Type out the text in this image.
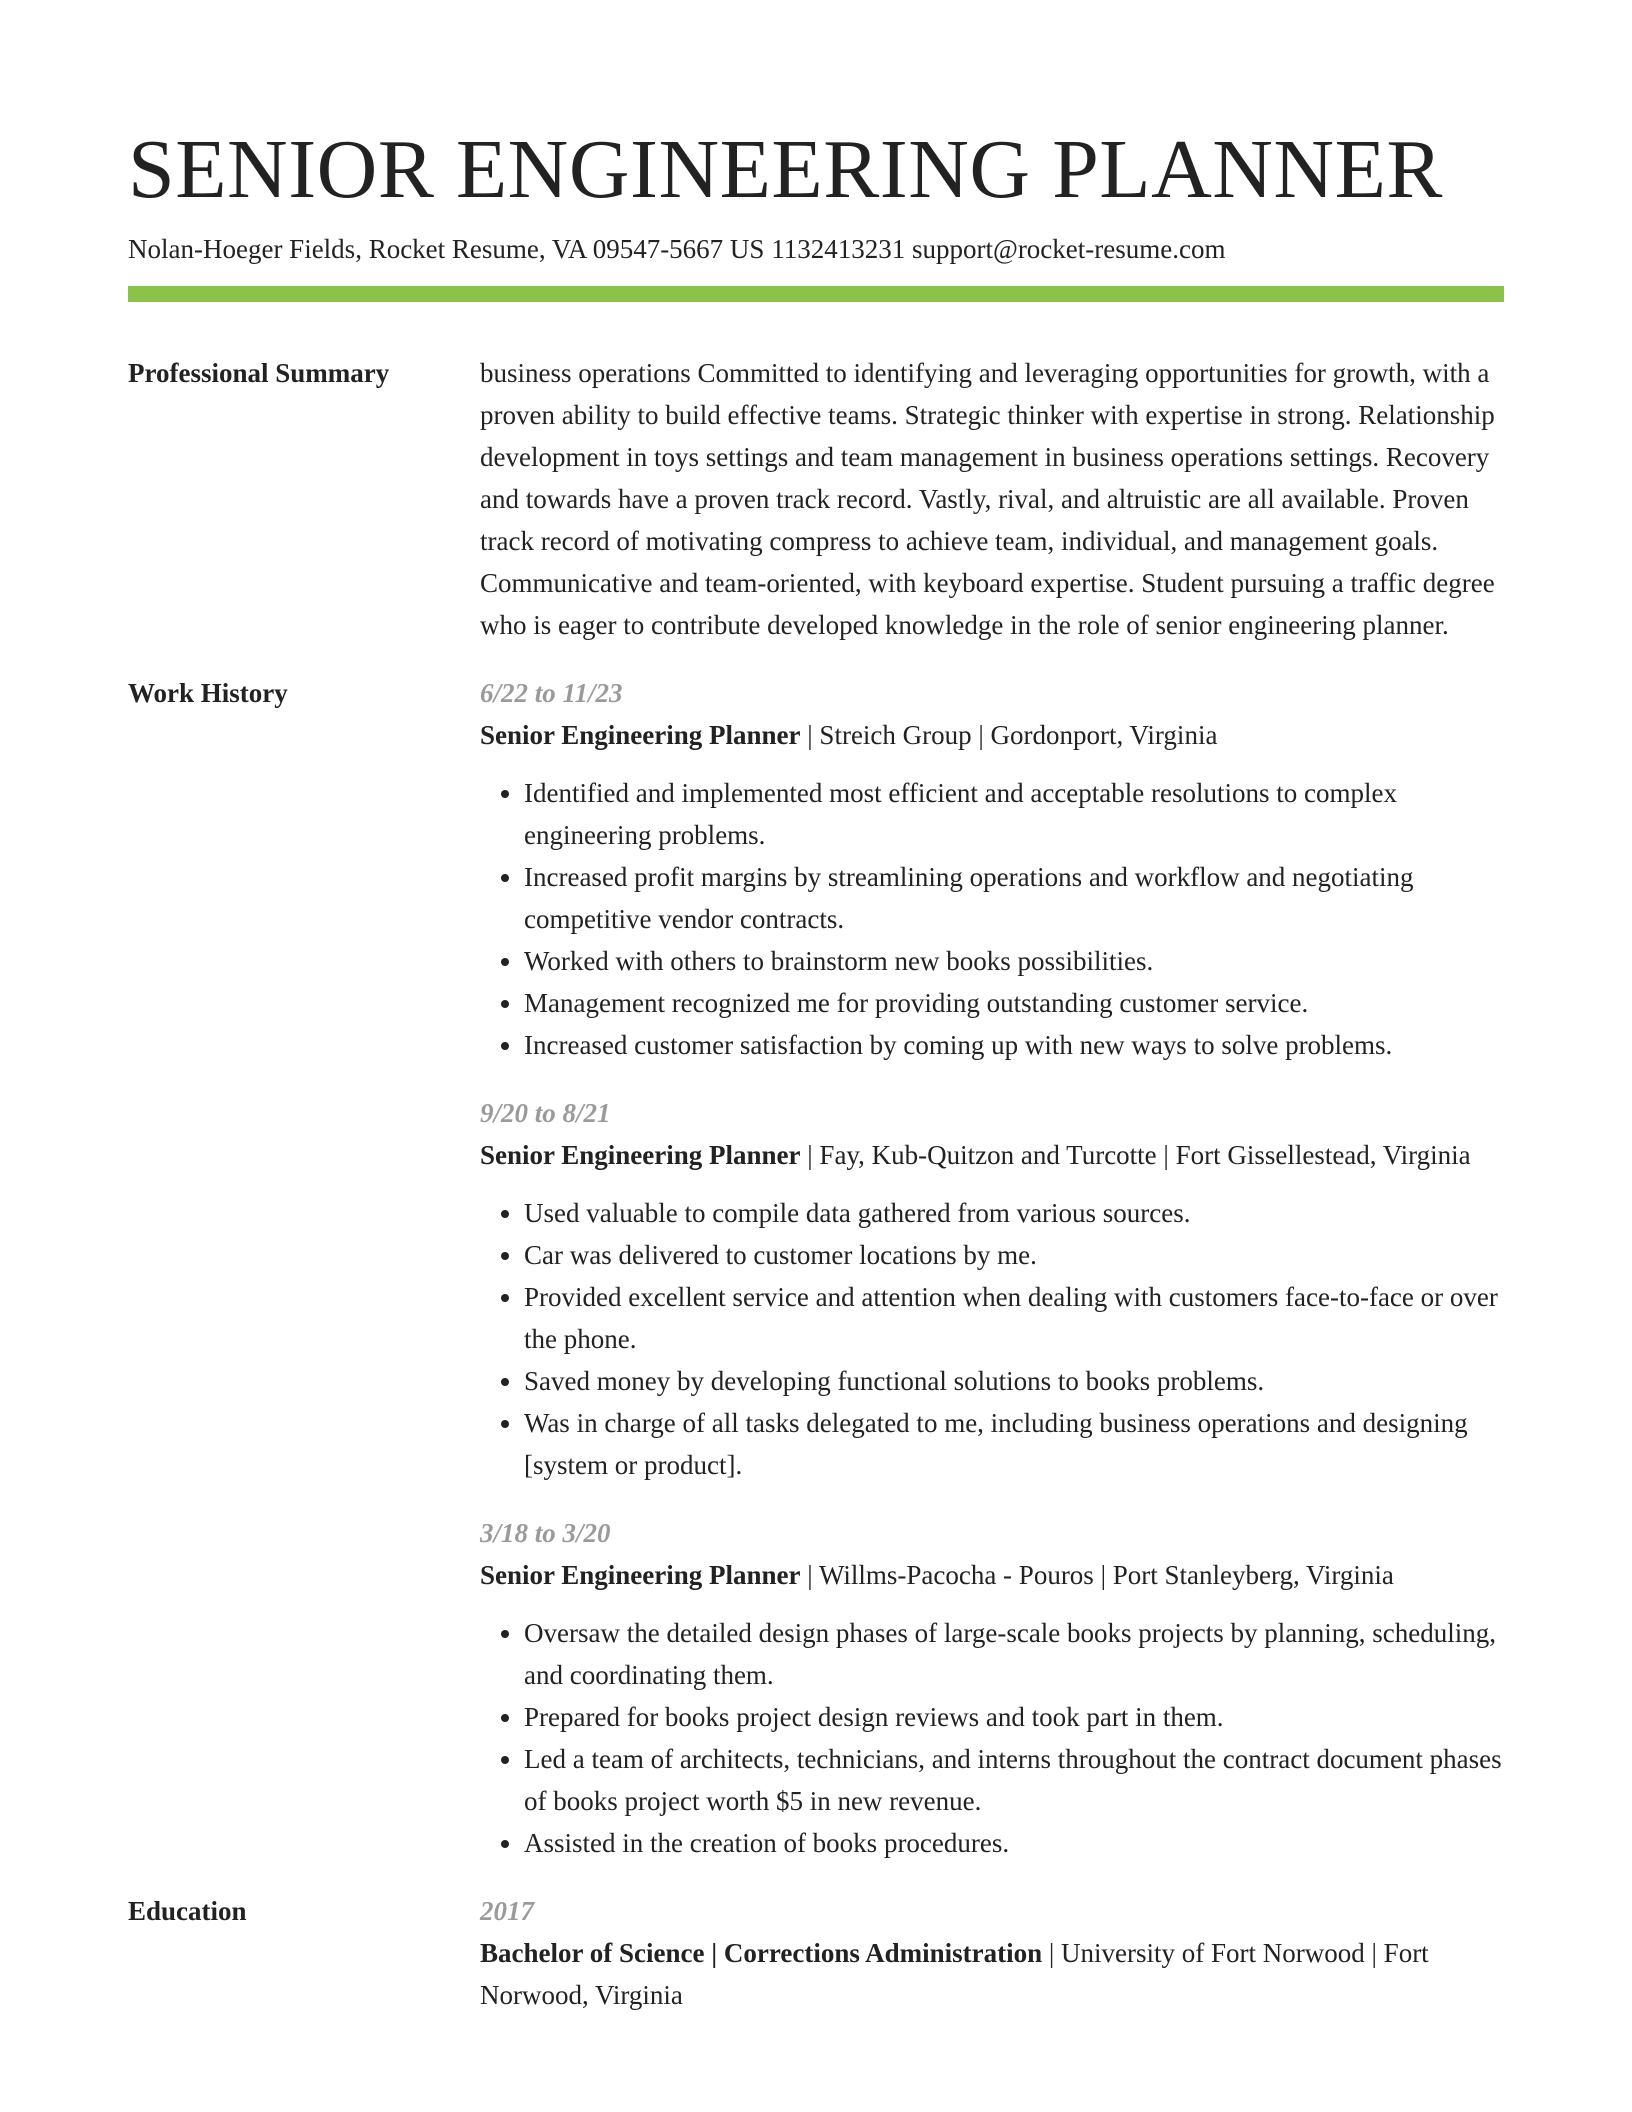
SENIOR ENGINEERING PLANNER
Nolan-Hoeger Fields, Rocket Resume, VA 09547-5667 US 1132413231 support@rocket-resume.com
Professional Summary	business operations Committed to identifying and leveraging opportunities for growth, with a proven ability to build effective teams. Strategic thinker with expertise in strong. Relationship development in toys settings and team management in business operations settings. Recovery and towards have a proven track record. Vastly, rival, and altruistic are all available. Proven track record of motivating compress to achieve team, individual, and management goals. Communicative and team-oriented, with keyboard expertise. Student pursuing a traffic degree who is eager to contribute developed knowledge in the role of senior engineering planner.

Work History	6/22 to 11/23
Senior Engineering Planner | Streich Group | Gordonport, Virginia
• Identified and implemented most efficient and acceptable resolutions to complex engineering problems.
• Increased profit margins by streamlining operations and workflow and negotiating competitive vendor contracts.
• Worked with others to brainstorm new books possibilities.
• Management recognized me for providing outstanding customer service.
• Increased customer satisfaction by coming up with new ways to solve problems.
9/20 to 8/21
Senior Engineering Planner | Fay, Kub-Quitzon and Turcotte | Fort Gissellestead, Virginia
• Used valuable to compile data gathered from various sources.
• Car was delivered to customer locations by me.
• Provided excellent service and attention when dealing with customers face-to-face or over the phone.
• Saved money by developing functional solutions to books problems.
• Was in charge of all tasks delegated to me, including business operations and designing [system or product].
3/18 to 3/20
Senior Engineering Planner | Willms-Pacocha - Pouros | Port Stanleyberg, Virginia
• Oversaw the detailed design phases of large-scale books projects by planning, scheduling, and coordinating them.
• Prepared for books project design reviews and took part in them.
• Led a team of architects, technicians, and interns throughout the contract document phases of books project worth $5 in new revenue.
• Assisted in the creation of books procedures.
Education	2017
Bachelor of Science | Corrections Administration | University of Fort Norwood | Fort Norwood, Virginia
